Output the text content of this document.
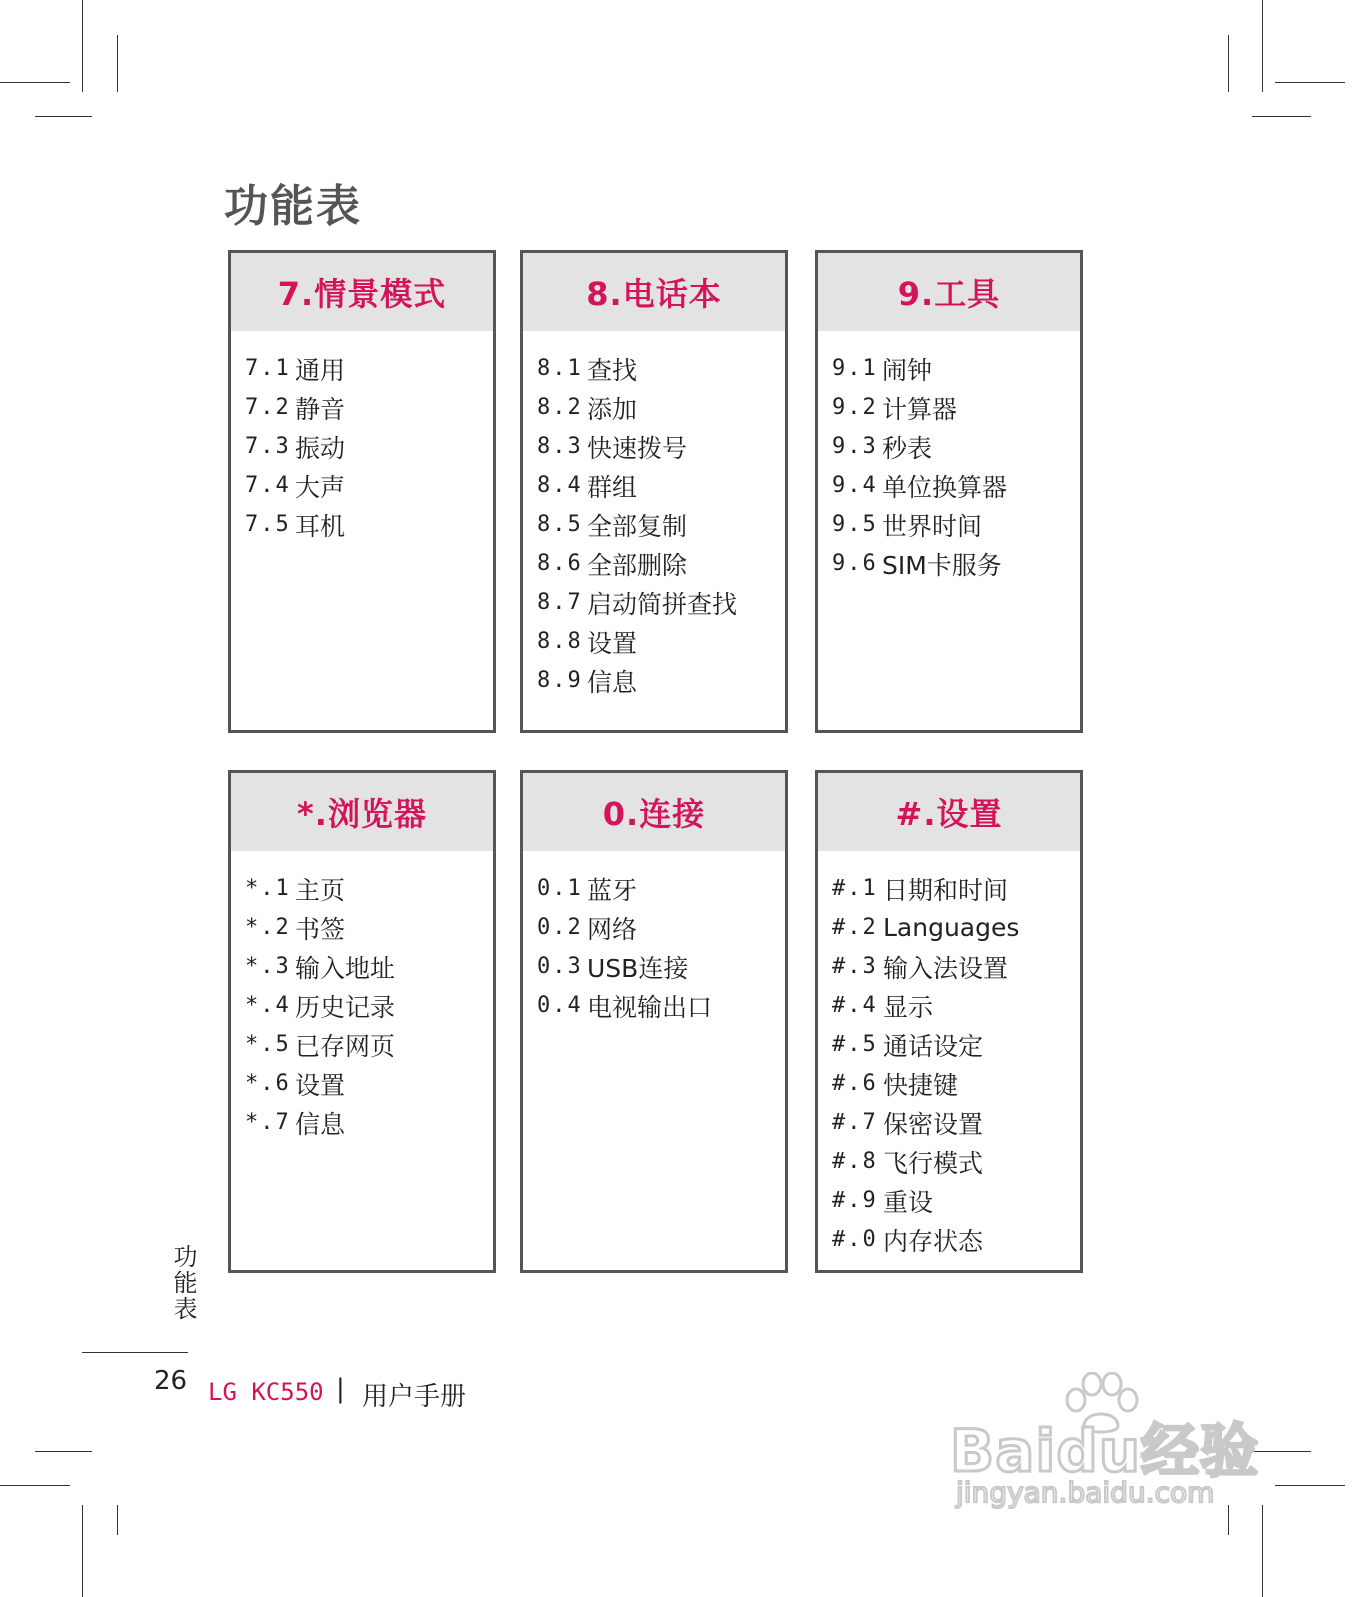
功能表
7.情景模式
7.1 通用
7.2 静音
7.3 振动
7.4 大声
7.5 耳机
8.电话本
8.1 查找
8.2 添加
8.3 快速拨号
8.4 群组
8.5 全部复制
8.6 全部删除
8.7 启动简拼查找
8.8 设置
8.9 信息
9.工具
9.1 闹钟
9.2 计算器
9.3 秒表
9.4 单位换算器
9.5 世界时间
9.6 SIM卡服务
*.浏览器
*.1 主页
*.2 书签
*.3 输入地址
*.4 历史记录
*.5 已存网页
*.6 设置
*.7 信息
0.连接
0.1 蓝牙
0.2 网络
0.3 USB连接
0.4 电视输出口
#.设置
#.1 日期和时间
#.2 Languages
#.3 输入法设置
#.4 显示
#.5 通话设定
#.6 快捷键
#.7 保密设置
#.8 飞行模式
#.9 重设
#.0 内存状态
功能表
26 LG KC550 | 用户手册
Baidu经验
jingyan.baidu.com
